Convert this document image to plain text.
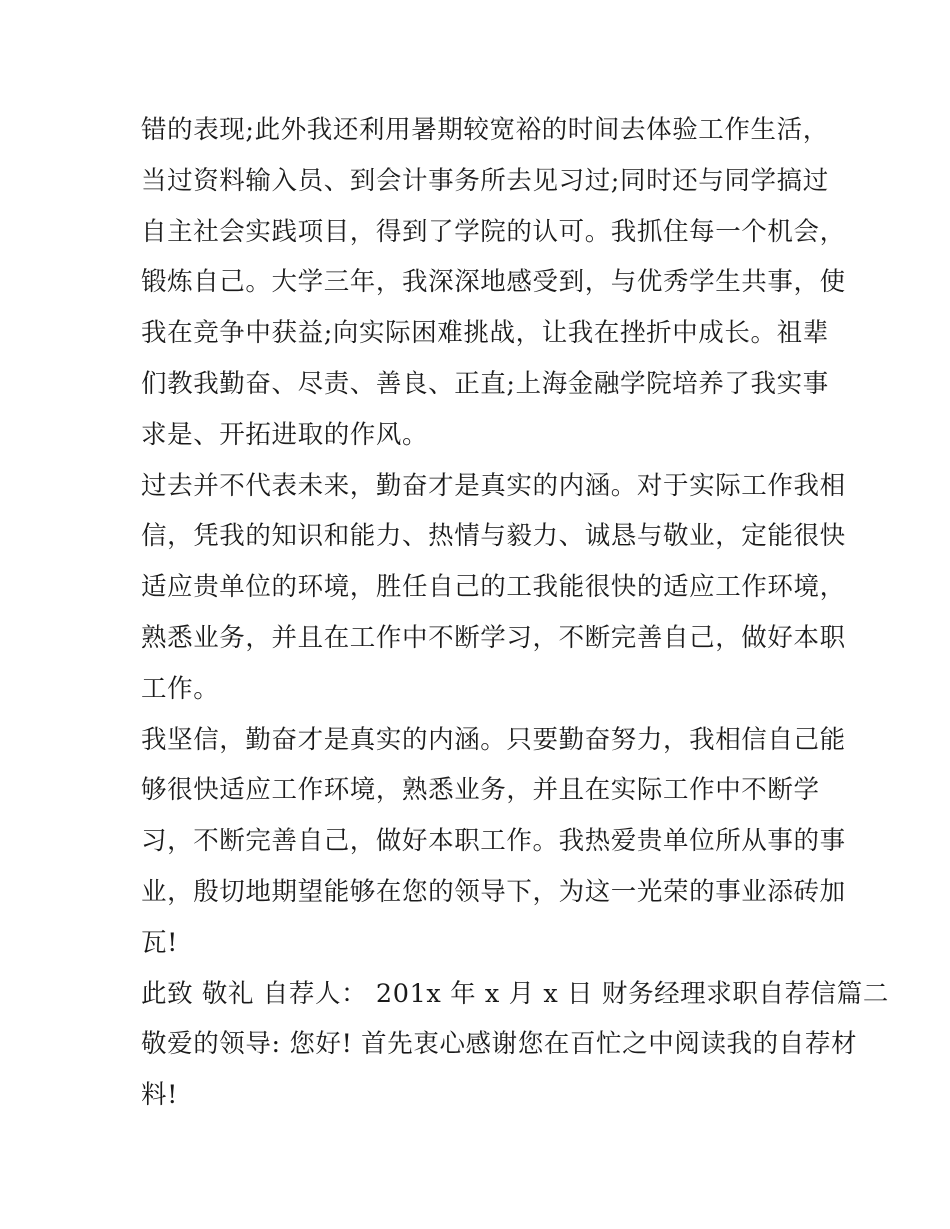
错的表现;此外我还利用暑期较宽裕的时间去体验工作生活，
当过资料输入员、到会计事务所去见习过;同时还与同学搞过
自主社会实践项目，得到了学院的认可。我抓住每一个机会，
锻炼自己。大学三年，我深深地感受到，与优秀学生共事，使
我在竞争中获益;向实际困难挑战，让我在挫折中成长。祖辈
们教我勤奋、尽责、善良、正直;上海金融学院培养了我实事
求是、开拓进取的作风。
过去并不代表未来，勤奋才是真实的内涵。对于实际工作我相
信，凭我的知识和能力、热情与毅力、诚恳与敬业，定能很快
适应贵单位的环境，胜任自己的工我能很快的适应工作环境，
熟悉业务，并且在工作中不断学习，不断完善自己，做好本职
工作。
我坚信，勤奋才是真实的内涵。只要勤奋努力，我相信自己能
够很快适应工作环境，熟悉业务，并且在实际工作中不断学
习，不断完善自己，做好本职工作。我热爱贵单位所从事的事
业，殷切地期望能够在您的领导下，为这一光荣的事业添砖加
瓦!
此致 敬礼 自荐人： 201x 年 x 月 x 日 财务经理求职自荐信篇二
敬爱的领导: 您好! 首先衷心感谢您在百忙之中阅读我的自荐材
料!
